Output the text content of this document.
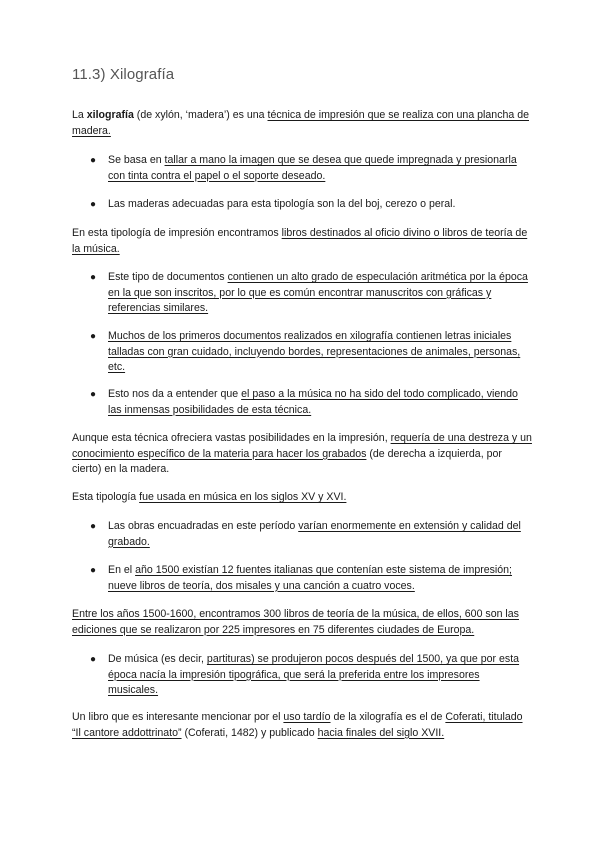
11.3) Xilografía

La xilografía (de xylón, ‘madera’) es una técnica de impresión que se realiza con una plancha de madera.

● Se basa en tallar a mano la imagen que se desea que quede impregnada y presionarla con tinta contra el papel o el soporte deseado.

● Las maderas adecuadas para esta tipología son la del boj, cerezo o peral.

En esta tipología de impresión encontramos libros destinados al oficio divino o libros de teoría de la música.

● Este tipo de documentos contienen un alto grado de especulación aritmética por la época en la que son inscritos, por lo que es común encontrar manuscritos con gráficas y referencias similares.

● Muchos de los primeros documentos realizados en xilografía contienen letras iniciales talladas con gran cuidado, incluyendo bordes, representaciones de animales, personas, etc.

● Esto nos da a entender que el paso a la música no ha sido del todo complicado, viendo las inmensas posibilidades de esta técnica.

Aunque esta técnica ofreciera vastas posibilidades en la impresión, requería de una destreza y un conocimiento específico de la materia para hacer los grabados (de derecha a izquierda, por cierto) en la madera.

Esta tipología fue usada en música en los siglos XV y XVI.

● Las obras encuadradas en este período varían enormemente en extensión y calidad del grabado.

● En el año 1500 existían 12 fuentes italianas que contenían este sistema de impresión; nueve libros de teoría, dos misales y una canción a cuatro voces.

Entre los años 1500-1600, encontramos 300 libros de teoría de la música, de ellos, 600 son las ediciones que se realizaron por 225 impresores en 75 diferentes ciudades de Europa.

● De música (es decir, partituras) se produjeron pocos después del 1500, ya que por esta época nacía la impresión tipográfica, que será la preferida entre los impresores musicales.

Un libro que es interesante mencionar por el uso tardío de la xilografía es el de Coferati, titulado “Il cantore addottrinato” (Coferati, 1482) y publicado hacia finales del siglo XVII.
